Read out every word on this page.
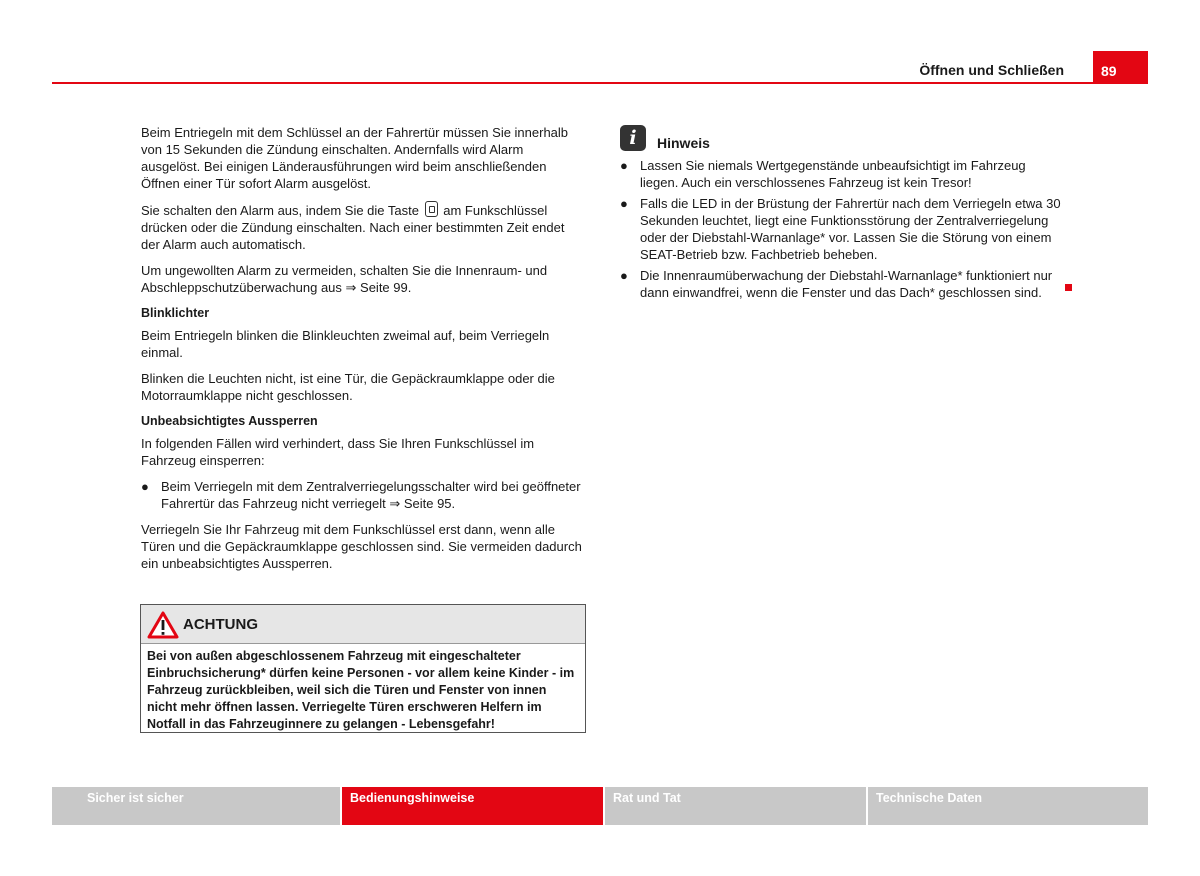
Öffnen und Schließen	89

Beim Entriegeln mit dem Schlüssel an der Fahrertür müssen Sie innerhalb von 15 Sekunden die Zündung einschalten. Andernfalls wird Alarm ausgelöst. Bei einigen Länderausführungen wird beim anschließenden Öffnen einer Tür sofort Alarm ausgelöst.

Sie schalten den Alarm aus, indem Sie die Taste  am Funkschlüssel drücken oder die Zündung einschalten. Nach einer bestimmten Zeit endet der Alarm auch automatisch.

Um ungewollten Alarm zu vermeiden, schalten Sie die Innenraum- und Abschleppschutzüberwachung aus ⇒ Seite 99.

Blinklichter

Beim Entriegeln blinken die Blinkleuchten zweimal auf, beim Verriegeln einmal.

Blinken die Leuchten nicht, ist eine Tür, die Gepäckraumklappe oder die Motorraumklappe nicht geschlossen.

Unbeabsichtigtes Aussperren

In folgenden Fällen wird verhindert, dass Sie Ihren Funkschlüssel im Fahrzeug einsperren:

● Beim Verriegeln mit dem Zentralverriegelungsschalter wird bei geöffneter Fahrertür das Fahrzeug nicht verriegelt ⇒ Seite 95.

Verriegeln Sie Ihr Fahrzeug mit dem Funkschlüssel erst dann, wenn alle Türen und die Gepäckraumklappe geschlossen sind. Sie vermeiden dadurch ein unbeabsichtigtes Aussperren.

ACHTUNG
Bei von außen abgeschlossenem Fahrzeug mit eingeschalteter Einbruchsicherung* dürfen keine Personen - vor allem keine Kinder - im Fahrzeug zurückbleiben, weil sich die Türen und Fenster von innen nicht mehr öffnen lassen. Verriegelte Türen erschweren Helfern im Notfall in das Fahrzeuginnere zu gelangen - Lebensgefahr!
i	Hinweis
● Lassen Sie niemals Wertgegenstände unbeaufsichtigt im Fahrzeug liegen. Auch ein verschlossenes Fahrzeug ist kein Tresor!
● Falls die LED in der Brüstung der Fahrertür nach dem Verriegeln etwa 30 Sekunden leuchtet, liegt eine Funktionsstörung der Zentralverriegelung oder der Diebstahl-Warnanlage* vor. Lassen Sie die Störung von einem SEAT-Betrieb bzw. Fachbetrieb beheben.
● Die Innenraumüberwachung der Diebstahl-Warnanlage* funktioniert nur dann einwandfrei, wenn die Fenster und das Dach* geschlossen sind.
Sicher ist sicher	Bedienungshinweise	Rat und Tat	Technische Daten
